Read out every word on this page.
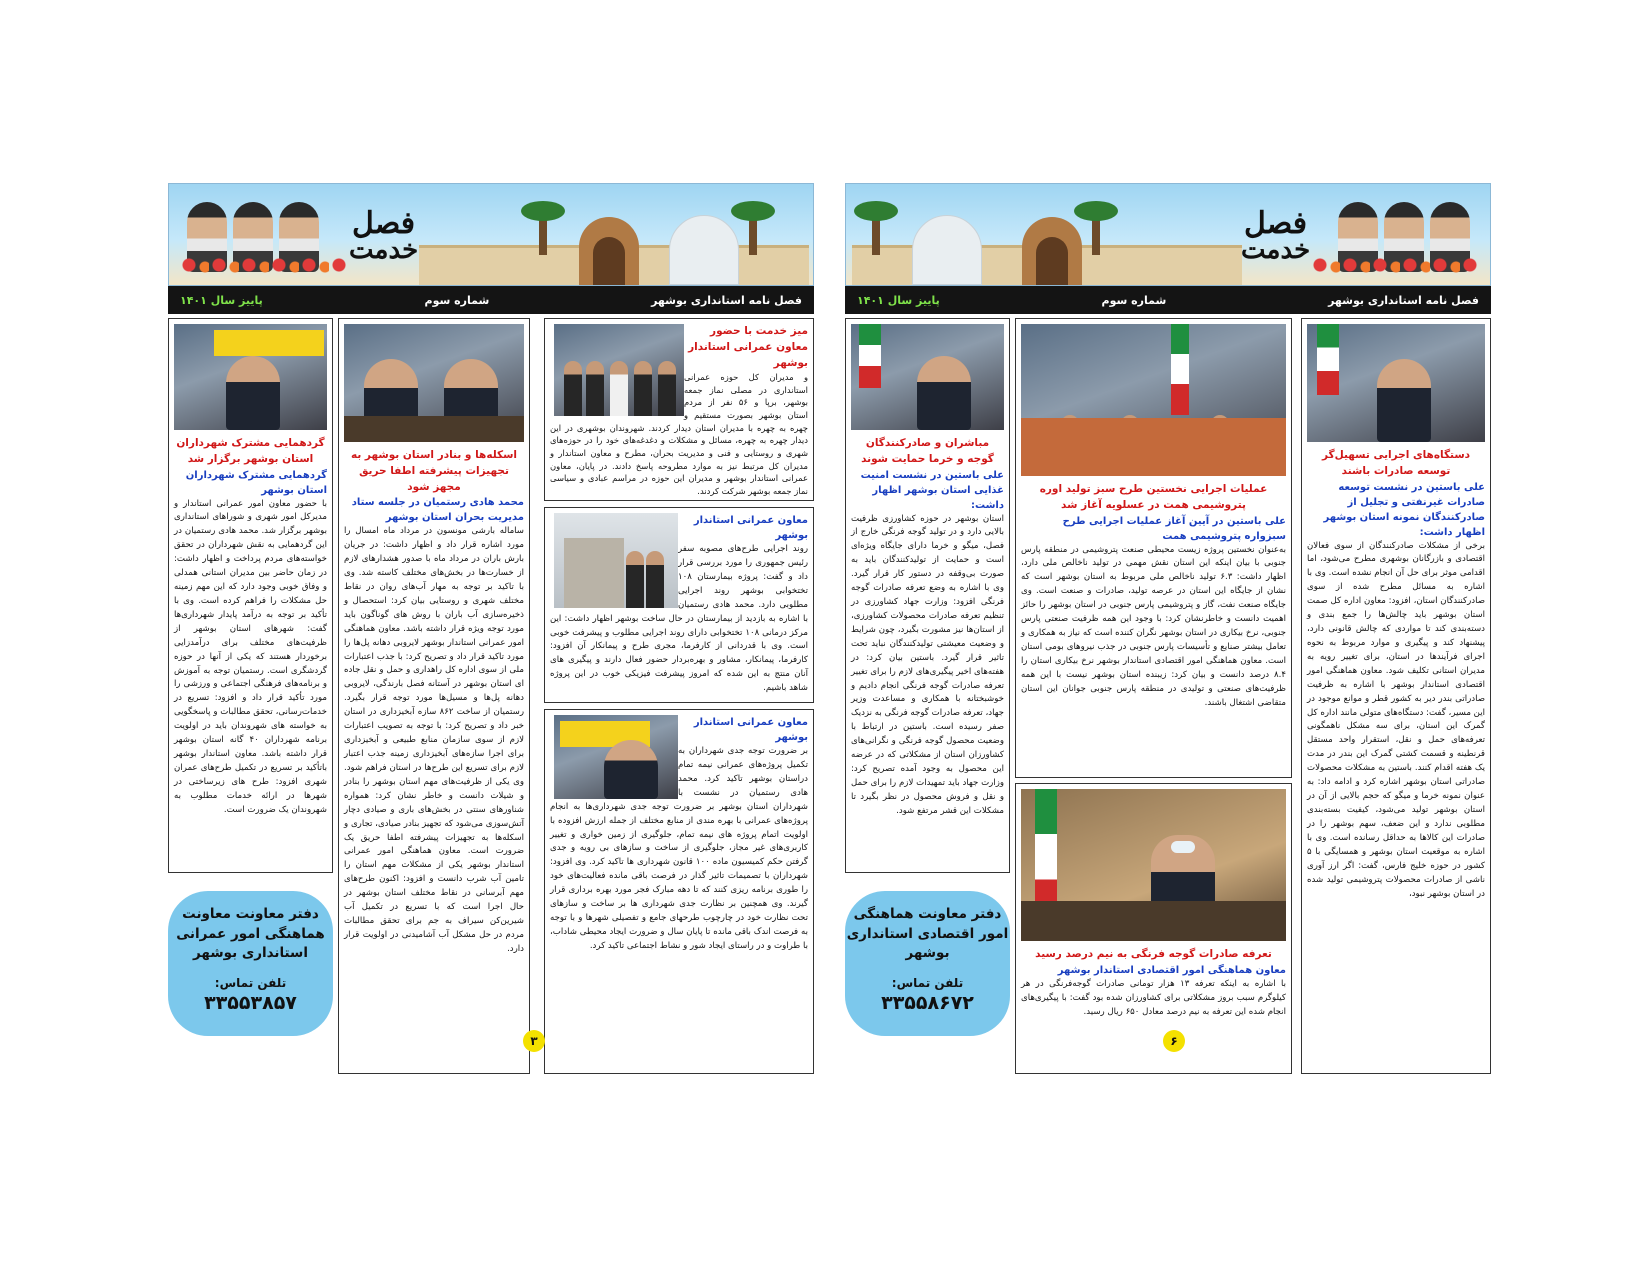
فصل
خدمت
فصل نامه استانداری بوشهر
شماره سوم
پاییز سال ۱۴۰۱
میز خدمت با حضور معاون عمرانی استاندار بوشهر
و مدیران کل حوزه عمرانی استانداری در مصلی نماز جمعه بوشهر، برپا و ۵۶ نفر از مردم استان بوشهر بصورت مستقیم و چهره به چهره با مدیران استان دیدار کردند. شهروندان بوشهری در این دیدار چهره به چهره، مسائل و مشکلات و دغدغه‌های خود را در حوزه‌های شهری و روستایی و فنی و مدیریت بحران، مطرح و معاون استاندار و مدیران کل مرتبط نیز به موارد مطروحه پاسخ دادند. در پایان، معاون عمرانی استاندار بوشهر و مدیران این حوزه در مراسم عبادی و سیاسی نماز جمعه بوشهر شرکت کردند.
معاون عمرانی استاندار بوشهر
روند اجرایی طرح‌های مصوبه سفر رئیس جمهوری را مورد بررسی قرار داد و گفت: پروژه بیمارستان ۱۰۸ تختخوابی بوشهر روند اجرایی مطلوبی دارد. محمد هادی رستمیان با اشاره به بازدید از بیمارستان در حال ساخت بوشهر اظهار داشت: این مرکز درمانی ۱۰۸ تختخوابی دارای روند اجرایی مطلوب و پیشرفت خوبی است. وی با قدردانی از کارفرما، مجری طرح و پیمانکار آن افزود: کارفرما، پیمانکار، مشاور و بهره‌بردار حضور فعال دارند و پیگیری های آنان منتج به این شده که امروز پیشرفت فیزیکی خوب در این پروژه شاهد باشیم.
معاون عمرانی استاندار بوشهر
بر ضرورت توجه جدی شهرداران به تکمیل پروژه‌های عمرانی نیمه تمام دراستان بوشهر تاکید کرد. محمد هادی رستمیان در نشست با شهرداران استان بوشهر بر ضرورت توجه جدی شهرداری‌ها به انجام پروژه‌های عمرانی با بهره مندی از منابع مختلف از جمله ارزش افزوده با اولویت اتمام پروژه های نیمه تمام، جلوگیری از زمین خواری و تغییر کاربری‌های غیر مجاز، جلوگیری از ساخت و سازهای بی رویه و جدی گرفتن حکم کمیسیون ماده ۱۰۰ قانون شهرداری ها تاکید کرد. وی افزود: شهرداران با تصمیمات تاثیر گذار در فرصت باقی مانده فعالیت‌های خود را طوری برنامه ریزی کنند که تا دهه مبارک فجر مورد بهره برداری قرار گیرند. وی همچنین بر نظارت جدی شهرداری ها بر ساخت و سازهای تحت نظارت خود در چارچوب طرحهای جامع و تفصیلی شهرها و با توجه به فرصت اندک باقی مانده تا پایان سال و ضرورت ایجاد محیطی شاداب، با طراوت و در راستای ایجاد شور و نشاط اجتماعی تاکید کرد.
اسکله‌ها و بنادر استان بوشهر به تجهیزات پیشرفته اطفا حریق مجهز شود
محمد هادی رستمیان در جلسه ستاد مدیریت بحران استان بوشهر
ساماله بارشی مونسون در مرداد ماه امسال را مورد اشاره قرار داد و اظهار داشت: در جریان بارش باران در مرداد ماه با صدور هشدارهای لازم از خسارت‌ها در بخش‌های مختلف کاسته شد. وی با تاکید بر توجه به مهار آب‌های روان در نقاط مختلف شهری و روستایی بیان کرد: استحصال و ذخیره‌سازی آب باران با روش های گوناگون باید مورد توجه ویژه قرار داشته باشد. معاون هماهنگی امور عمرانی استاندار بوشهر لایروبی دهانه پل‌ها را مورد تاکید قرار داد و تصریح کرد: با جذب اعتبارات ملی از سوی اداره کل راهداری و حمل و نقل جاده ای استان بوشهر در آستانه فصل بارندگی، لایروبی دهانه پل‌ها و مسیل‌ها مورد توجه قرار بگیرد. رستمیان از ساخت ۸۶۲ سازه آبخیزداری در استان خبر داد و تصریح کرد: با توجه به تصویب اعتبارات لازم از سوی سازمان منابع طبیعی و آبخیزداری برای اجرا سازه‌های آبخیزداری زمینه جذب اعتبار لازم برای تسریع این طرح‌ها در استان فراهم شود. وی یکی از ظرفیت‌های مهم استان بوشهر را بنادر و شیلات دانست و خاطر نشان کرد: همواره شناورهای سنتی در بخش‌های باری و صیادی دچار آتش‌سوزی می‌شود که تجهیز بنادر صیادی، تجاری و اسکله‌ها به تجهیزات پیشرفته اطفا حریق یک ضرورت است. معاون هماهنگی امور عمرانی استاندار بوشهر یکی از مشکلات مهم استان را تامین آب شرب دانست و افزود: اکنون طرح‌های مهم آبرسانی در نقاط مختلف استان بوشهر در حال اجرا است که با تسریع در تکمیل آب شیرین‌کن سیراف به جم برای تحقق مطالبات مردم در حل مشکل آب آشامیدنی در اولویت قرار دارد.
گردهمایی مشترک شهرداران استان بوشهر برگزار شد
گردهمایی مشترک شهرداران استان بوشهر
با حضور معاون امور عمرانی استاندار و مدیرکل امور شهری و شوراهای استانداری بوشهر برگزار شد. محمد هادی رستمیان در این گردهمایی به نقش شهرداران در تحقق خواسته‌های مردم پرداخت و اظهار داشت: در زمان حاضر بین مدیران استانی همدلی و وفاق خوبی وجود دارد که این مهم زمینه حل مشکلات را فراهم کرده است. وی با تأکید بر توجه به درآمد پایدار شهرداری‌ها گفت: شهرهای استان بوشهر از ظرفیت‌های مختلف برای درآمدزایی برخوردار هستند که یکی از آنها در حوزه گردشگری است. رستمیان توجه به آموزش و برنامه‌های فرهنگی اجتماعی و ورزشی را مورد تأکید قرار داد و افزود: تسریع در خدمات‌رسانی، تحقق مطالبات و پاسخگویی به خواسته های شهروندان باید در اولویت برنامه شهرداران ۴۰ گانه استان بوشهر قرار داشته باشد. معاون استاندار بوشهر باتأکید بر تسریع در تکمیل طرح‌های عمران شهری افزود: طرح های زیرساختی در شهرها در ارائه خدمات مطلوب به شهروندان یک ضرورت است.
دفتر معاونت معاونت هماهنگی امور عمرانی استانداری بوشهر
تلفن تماس:
۳۳۵۵۳۸۵۷
۳
فصل
خدمت
فصل نامه استانداری بوشهر
شماره سوم
پاییز سال ۱۴۰۱
دستگاه‌های اجرایی تسهیل‌گر توسعه صادرات باشند
علی باستین در نشست توسعه صادرات غیرنفتی و تجلیل از صادرکنندگان نمونه استان بوشهر اظهار داشت:
برخی از مشکلات صادرکنندگان از سوی فعالان اقتصادی و بازرگانان بوشهری مطرح می‌شود، اما اقدامی موثر برای حل آن انجام نشده است. وی با اشاره به مسائل مطرح شده از سوی صادرکنندگان استان، افزود: معاون اداره کل صمت استان بوشهر باید چالش‌ها را جمع بندی و دسته‌بندی کند تا مواردی که چالش قانونی دارد، پیشنهاد کند و پیگیری و موارد مربوط به نحوه اجرای فرآیندها در استان، برای تغییر رویه به مدیران استانی تکلیف شود. معاون هماهنگی امور اقتصادی استاندار بوشهر با اشاره به ظرفیت صادراتی بندر دیر به کشور قطر و موانع موجود در این مسیر، گفت: دستگاه‌های متولی مانند اداره کل گمرک این استان، برای سه مشکل ناهمگونی تعرفه‌های حمل و نقل، استقرار واحد مستقل قرنطینه و قسمت کشتی گمرک این بندر در مدت یک هفته اقدام کنند. باستین به مشکلات محصولات صادراتی استان بوشهر اشاره کرد و ادامه داد: به عنوان نمونه خرما و میگو که حجم بالایی از آن در استان بوشهر تولید می‌شود، کیفیت بسته‌بندی مطلوبی ندارد و این ضعف، سهم بوشهر را در صادرات این کالاها به حداقل رسانده است. وی با اشاره به موقعیت استان بوشهر و همسایگی با ۵ کشور در حوزه خلیج فارس، گفت: اگر ارز آوری ناشی از صادرات محصولات پتروشیمی تولید شده در استان بوشهر نبود،
عملیات اجرایی نخستین طرح سبز تولید اوره پتروشیمی همت در عسلویه آغاز شد
علی باستین در آیین آغاز عملیات اجرایی طرح سبزواره پتروشیمی همت
به‌عنوان نخستین پروژه زیست محیطی صنعت پتروشیمی در منطقه پارس جنوبی با بیان اینکه این استان نقش مهمی در تولید ناخالص ملی دارد، اظهار داشت: ۶.۳ تولید ناخالص ملی مربوط به استان بوشهر است که نشان از جایگاه این استان در عرصه تولید، صادرات و صنعت است. وی جایگاه صنعت نفت، گاز و پتروشیمی پارس جنوبی در استان بوشهر را حائز اهمیت دانست و خاطرنشان کرد: با وجود این همه ظرفیت صنعتی پارس جنوبی، نرخ بیکاری در استان بوشهر نگران کننده است که نیاز به همکاری و تعامل بیشتر صنایع و تأسیسات پارس جنوبی در جذب نیروهای بومی استان است. معاون هماهنگی امور اقتصادی استاندار بوشهر نرخ بیکاری استان را ۸.۴ درصد دانست و بیان کرد: زیبنده استان بوشهر نیست با این همه ظرفیت‌های صنعتی و تولیدی در منطقه پارس جنوبی جوانان این استان متقاضی اشتغال باشند.
تعرفه صادرات گوجه فرنگی به نیم درصد رسید
معاون هماهنگی امور اقتصادی استاندار بوشهر
با اشاره به اینکه تعرفه ۱۳ هزار تومانی صادرات گوجه‌فرنگی در هر کیلوگرم سبب بروز مشکلاتی برای کشاورزان شده بود گفت: با پیگیری‌های انجام شده این تعرفه به نیم درصد معادل ۶۵۰ ریال رسید.
مباشران و صادرکنندگان گوجه و خرما حمایت شوند
علی باستین در نشست امنیت غذایی استان بوشهر اظهار داشت:
استان بوشهر در حوزه کشاورزی ظرفیت بالایی دارد و در تولید گوجه فرنگی خارج از فصل، میگو و خرما دارای جایگاه ویژه‌ای است و حمایت از تولیدکنندگان باید به صورت بی‌وقفه در دستور کار قرار گیرد. وی با اشاره به وضع تعرفه صادرات گوجه فرنگی افزود: وزارت جهاد کشاورزی در تنظیم تعرفه صادرات محصولات کشاورزی، از استان‌ها نیز مشورت بگیرد، چون شرایط و وضعیت معیشتی تولیدکنندگان نباید تحت تاثیر قرار گیرد. باستین بیان کرد: در هفته‌های اخیر پیگیری‌های لازم را برای تغییر تعرفه صادرات گوجه فرنگی انجام دادیم و خوشبختانه با همکاری و مساعدت وزیر جهاد، تعرفه صادرات گوجه فرنگی به نزدیک صفر رسیده است. باستین در ارتباط با وضعیت محصول گوجه فرنگی و نگرانی‌های کشاورزان استان از مشکلاتی که در عرضه این محصول به وجود آمده تصریح کرد: وزارت جهاد باید تمهیدات لازم را برای حمل و نقل و فروش محصول در نظر بگیرد تا مشکلات این قشر مرتفع شود.
دفتر معاونت هماهنگی امور اقتصادی استانداری بوشهر
تلفن تماس:
۳۳۵۵۸۶۷۲
۶
